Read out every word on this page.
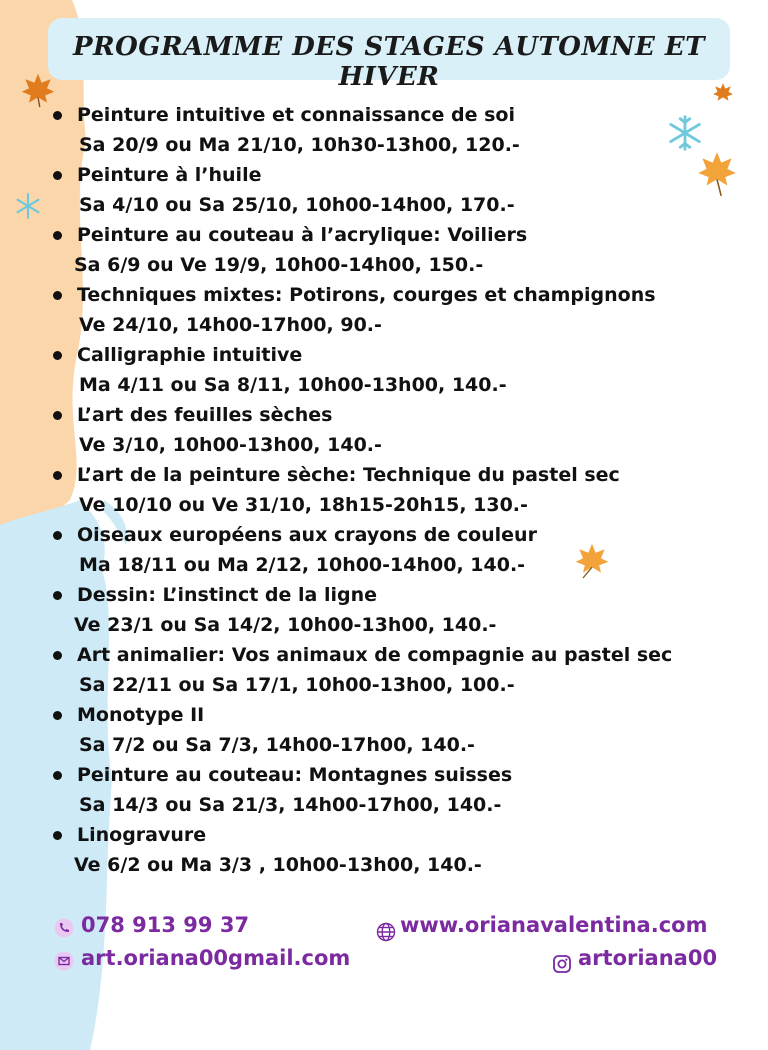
PROGRAMME DES STAGES AUTOMNE ET HIVER
Peinture intuitive et connaissance de soi
Sa 20/9 ou Ma 21/10, 10h30-13h00, 120.-
Peinture à l’huile
Sa 4/10 ou Sa 25/10, 10h00-14h00, 170.-
Peinture au couteau à l’acrylique: Voiliers
Sa 6/9 ou Ve 19/9, 10h00-14h00, 150.-
Techniques mixtes: Potirons, courges et champignons
Ve 24/10, 14h00-17h00, 90.-
Calligraphie intuitive
Ma 4/11 ou Sa 8/11, 10h00-13h00, 140.-
L’art des feuilles sèches
Ve 3/10, 10h00-13h00, 140.-
L’art de la peinture sèche: Technique du pastel sec
Ve 10/10 ou Ve 31/10, 18h15-20h15, 130.-
Oiseaux européens aux crayons de couleur
Ma 18/11 ou Ma 2/12, 10h00-14h00, 140.-
Dessin: L’instinct de la ligne
Ve 23/1 ou Sa 14/2, 10h00-13h00, 140.-
Art animalier: Vos animaux de compagnie au pastel sec
Sa 22/11 ou Sa 17/1, 10h00-13h00, 100.-
Monotype II
Sa 7/2 ou Sa 7/3, 14h00-17h00, 140.-
Peinture au couteau: Montagnes suisses
Sa 14/3 ou Sa 21/3, 14h00-17h00, 140.-
Linogravure
Ve 6/2 ou Ma 3/3 , 10h00-13h00, 140.-
078 913 99 37
art.oriana00gmail.com
www.orianavalentina.com
artoriana00
